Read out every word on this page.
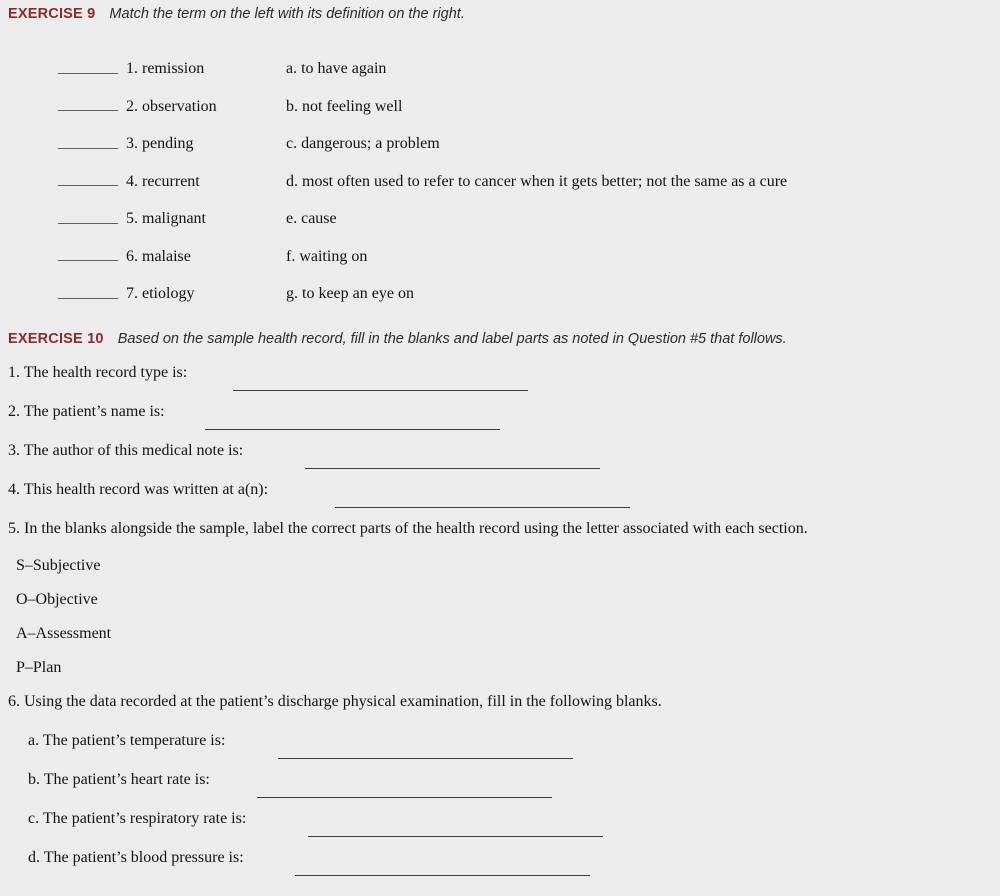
EXERCISE 9 Match the term on the left with its definition on the right.
1. remission	a. to have again
2. observation	b. not feeling well
3. pending	c. dangerous; a problem
4. recurrent	d. most often used to refer to cancer when it gets better; not the same as a cure
5. malignant	e. cause
6. malaise	f. waiting on
7. etiology	g. to keep an eye on
EXERCISE 10 Based on the sample health record, fill in the blanks and label parts as noted in Question #5 that follows.
1. The health record type is:
2. The patient’s name is:
3. The author of this medical note is:
4. This health record was written at a(n):
5. In the blanks alongside the sample, label the correct parts of the health record using the letter associated with each section.
S–Subjective
O–Objective
A–Assessment
P–Plan
6. Using the data recorded at the patient’s discharge physical examination, fill in the following blanks.
a. The patient’s temperature is:
b. The patient’s heart rate is:
c. The patient’s respiratory rate is:
d. The patient’s blood pressure is:
